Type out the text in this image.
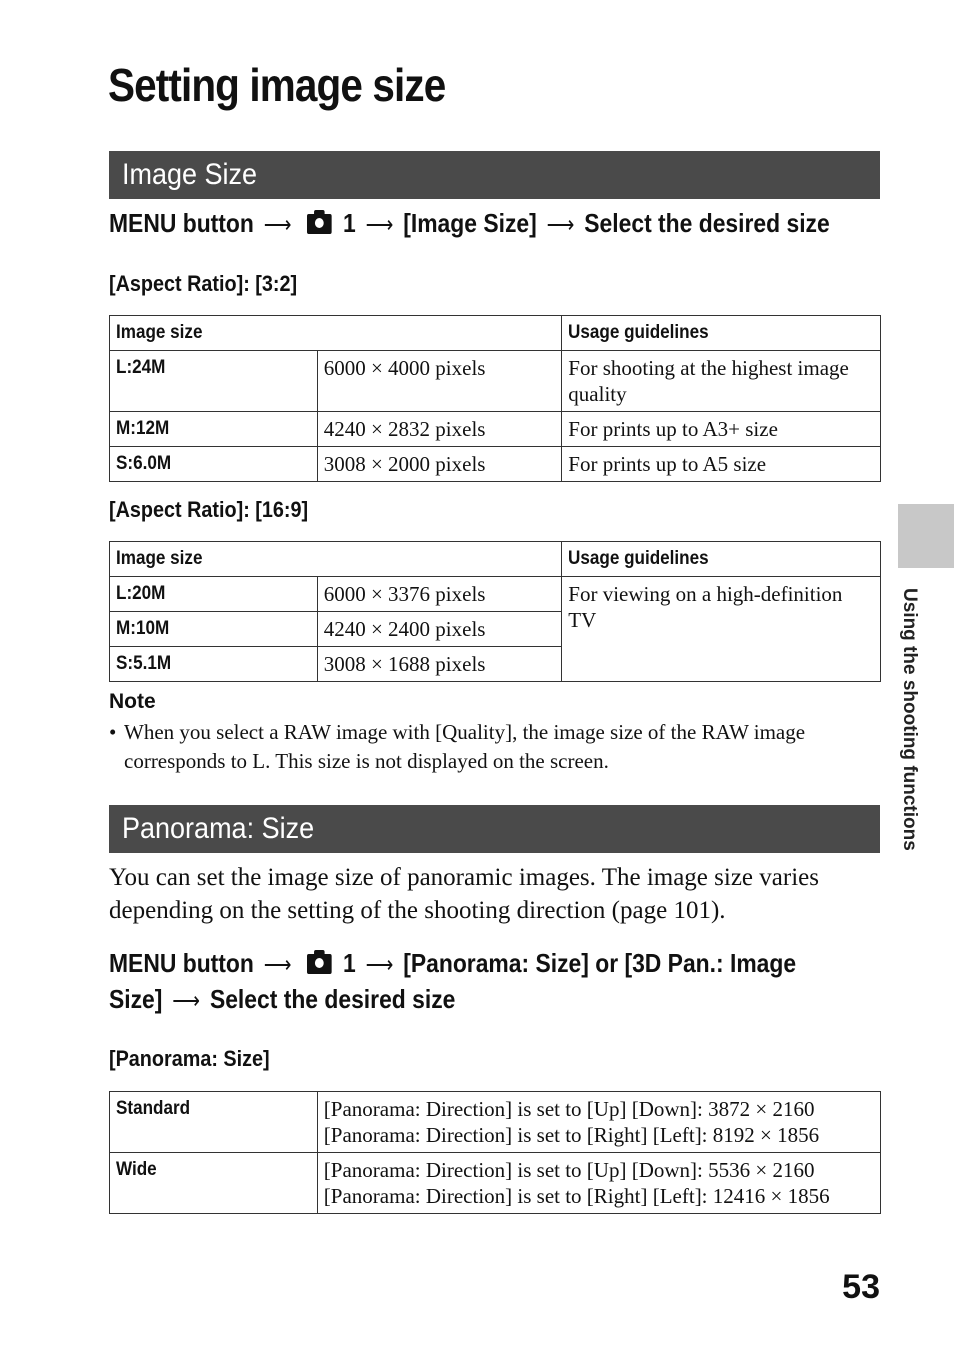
Setting image size
Image Size
MENU button ⟶ 1 ⟶ [Image Size] ⟶ Select the desired size
[Aspect Ratio]: [3:2]
Image size		Usage guidelines
L:24M	6000 × 4000 pixels	For shooting at the highest image quality
M:12M	4240 × 2832 pixels	For prints up to A3+ size
S:6.0M	3008 × 2000 pixels	For prints up to A5 size
[Aspect Ratio]: [16:9]
Image size		Usage guidelines
L:20M	6000 × 3376 pixels	For viewing on a high-definition TV
M:10M	4240 × 2400 pixels	
S:5.1M	3008 × 1688 pixels	
Note
• When you select a RAW image with [Quality], the image size of the RAW image corresponds to L. This size is not displayed on the screen.
Panorama: Size
You can set the image size of panoramic images. The image size varies depending on the setting of the shooting direction (page 101).
MENU button ⟶ 1 ⟶ [Panorama: Size] or [3D Pan.: Image
Size] ⟶ Select the desired size
[Panorama: Size]
Standard	[Panorama: Direction] is set to [Up] [Down]: 3872 × 2160
[Panorama: Direction] is set to [Right] [Left]: 8192 × 1856

Wide	[Panorama: Direction] is set to [Up] [Down]: 5536 × 2160
[Panorama: Direction] is set to [Right] [Left]: 12416 × 1856
Using the shooting functions
53
